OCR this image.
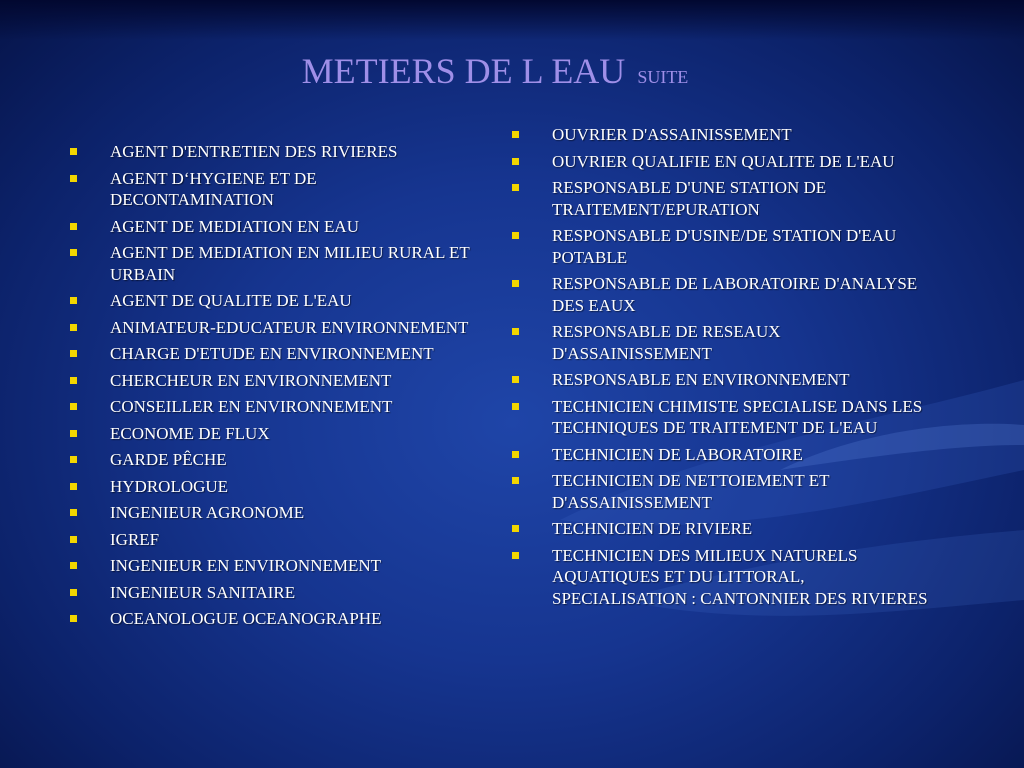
METIERS DE L EAU suite
AGENT D'ENTRETIEN DES RIVIERES
AGENT D‘HYGIENE ET DE DECONTAMINATION
AGENT DE MEDIATION EN EAU
AGENT DE MEDIATION EN MILIEU RURAL ET URBAIN
AGENT DE QUALITE DE L'EAU
ANIMATEUR-EDUCATEUR ENVIRONNEMENT
CHARGE D'ETUDE EN ENVIRONNEMENT
CHERCHEUR EN ENVIRONNEMENT
CONSEILLER EN ENVIRONNEMENT
ECONOME DE FLUX
GARDE PÊCHE
HYDROLOGUE
INGENIEUR AGRONOME
IGREF
INGENIEUR EN ENVIRONNEMENT
INGENIEUR SANITAIRE
OCEANOLOGUE OCEANOGRAPHE
OUVRIER D'ASSAINISSEMENT
OUVRIER QUALIFIE EN QUALITE DE L'EAU
RESPONSABLE D'UNE STATION DE TRAITEMENT/EPURATION
RESPONSABLE D'USINE/DE STATION D'EAU POTABLE
RESPONSABLE DE LABORATOIRE D'ANALYSE DES EAUX
RESPONSABLE DE RESEAUX D'ASSAINISSEMENT
RESPONSABLE EN ENVIRONNEMENT
TECHNICIEN CHIMISTE SPECIALISE DANS LES TECHNIQUES DE TRAITEMENT DE L'EAU
TECHNICIEN DE LABORATOIRE
TECHNICIEN DE NETTOIEMENT ET D'ASSAINISSEMENT
TECHNICIEN DE RIVIERE
TECHNICIEN DES MILIEUX NATURELS AQUATIQUES ET DU LITTORAL, SPECIALISATION : CANTONNIER DES RIVIERES
